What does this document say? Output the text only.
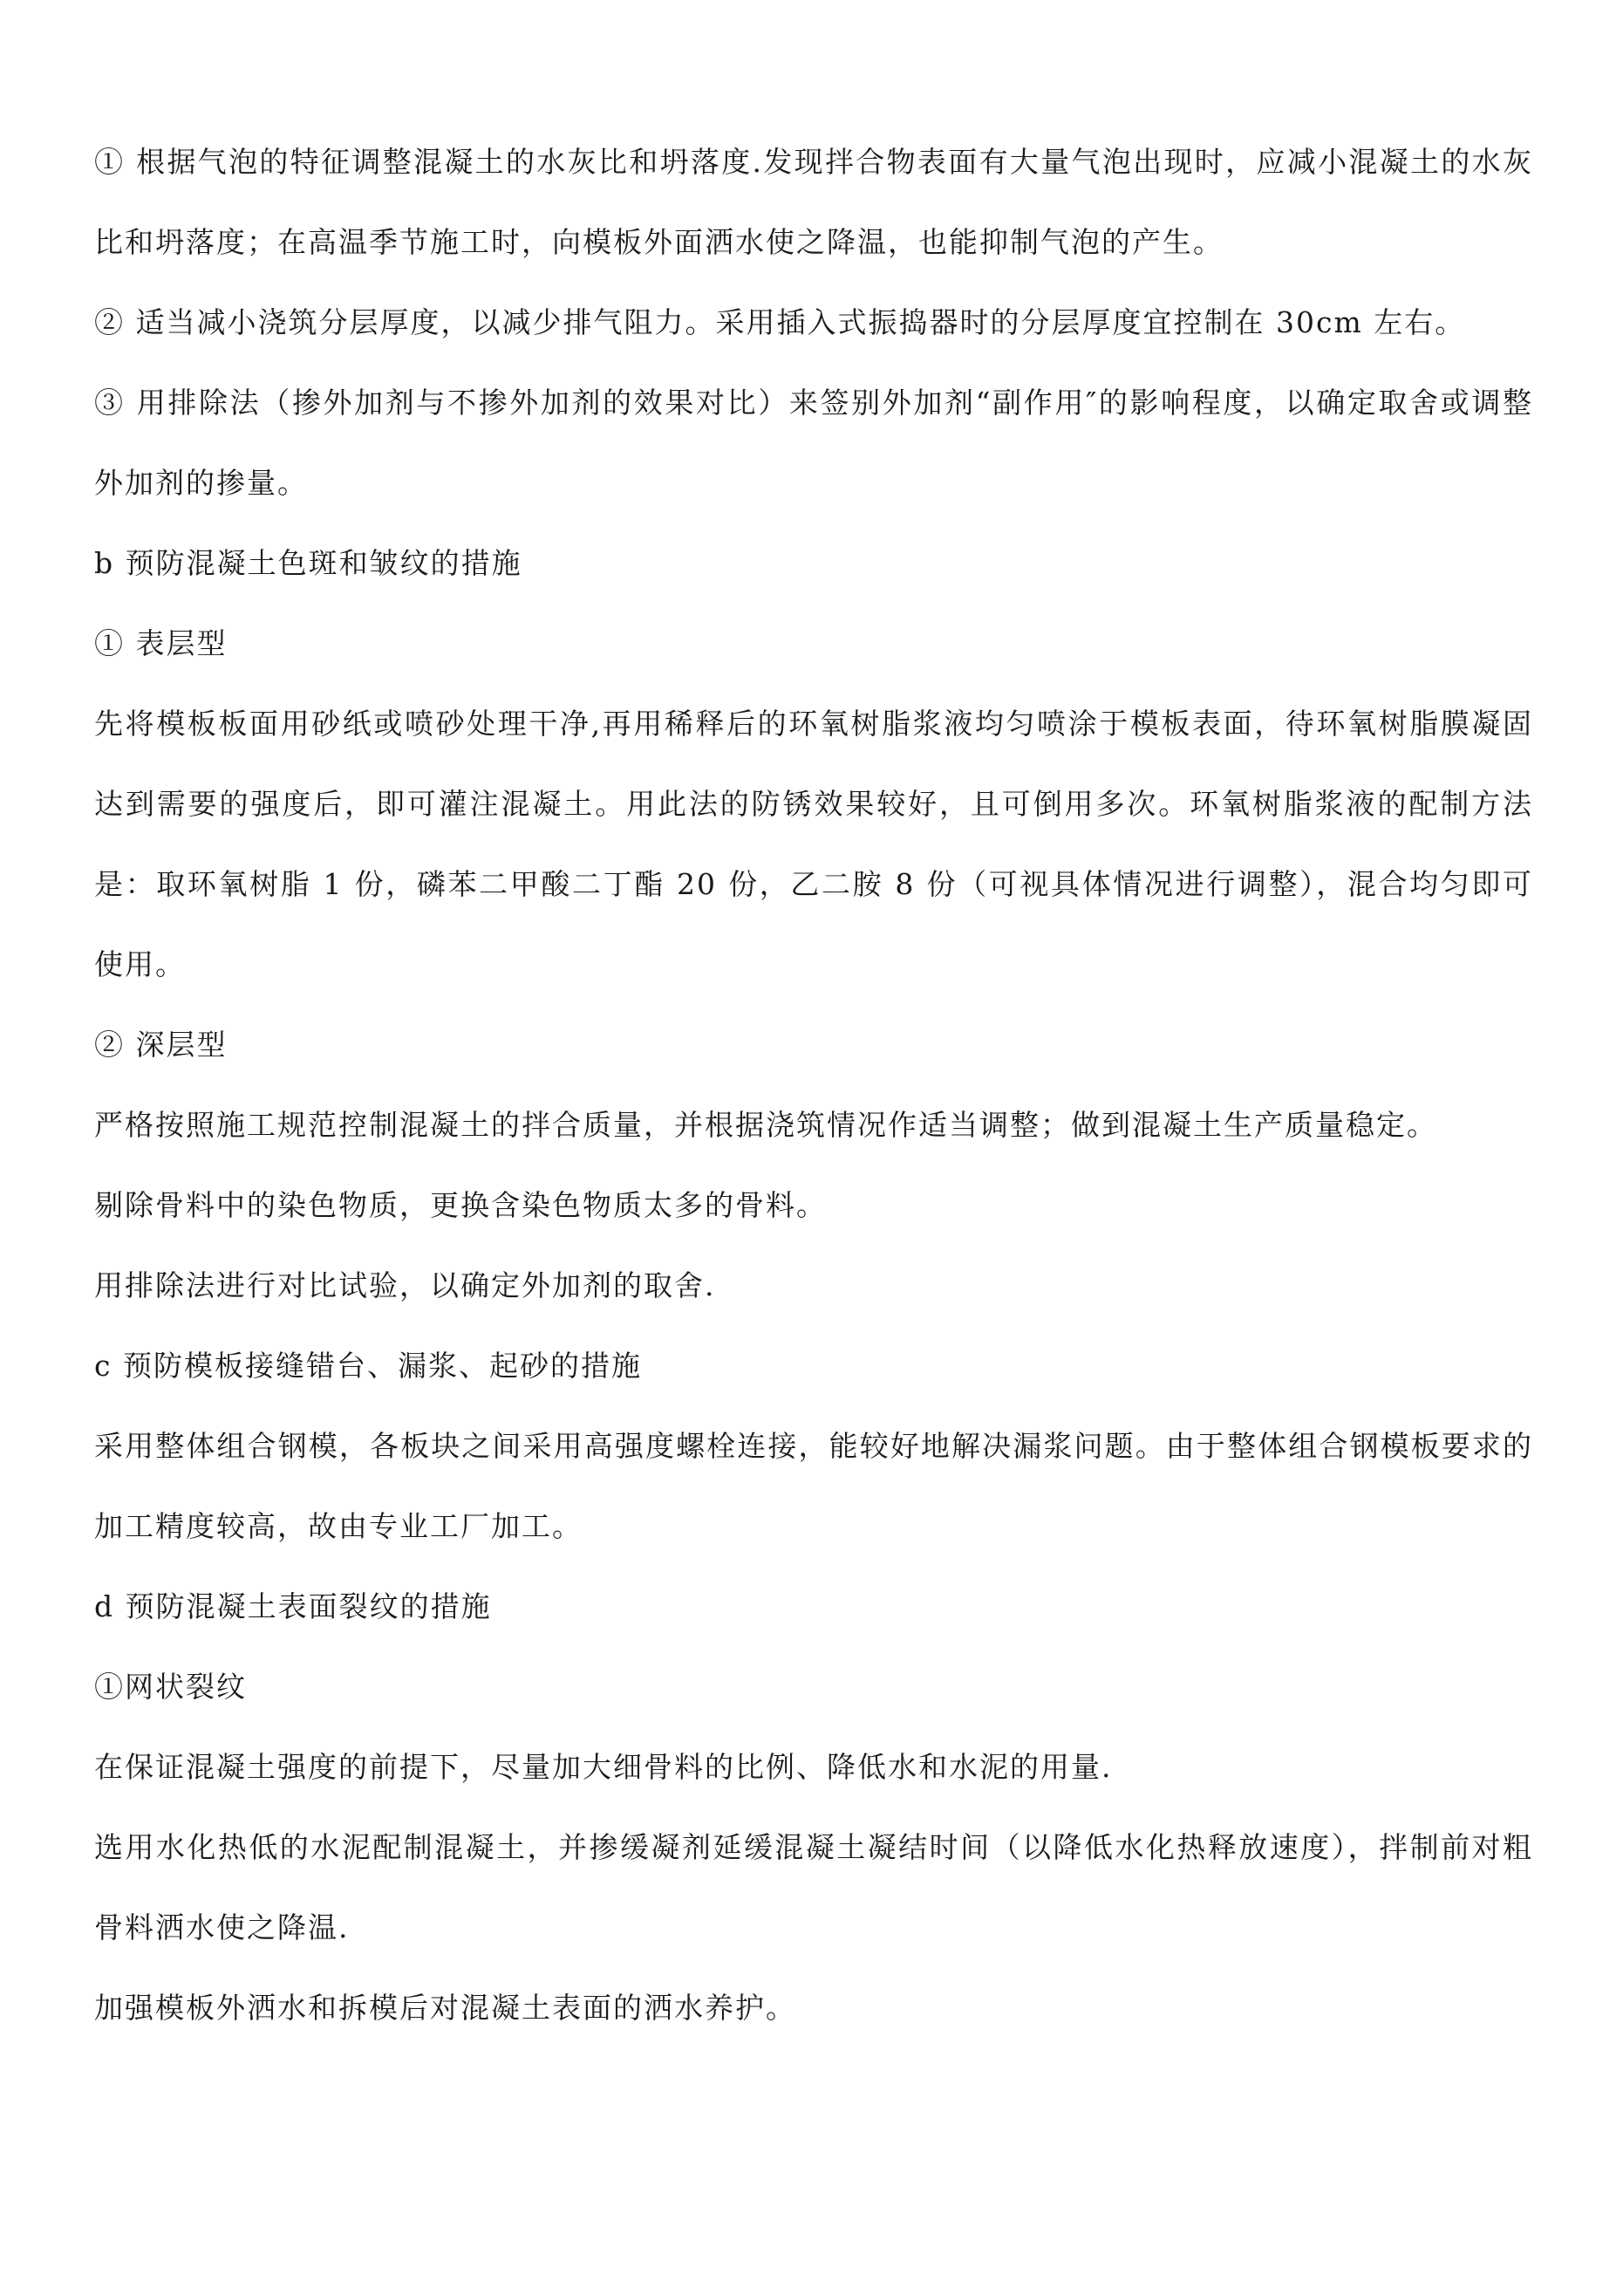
① 根据气泡的特征调整混凝土的水灰比和坍落度.发现拌合物表面有大量气泡出现时，应减小混凝土的水灰比和坍落度；在高温季节施工时，向模板外面洒水使之降温，也能抑制气泡的产生。

② 适当减小浇筑分层厚度，以减少排气阻力。采用插入式振捣器时的分层厚度宜控制在 30cm 左右。

③ 用排除法（掺外加剂与不掺外加剂的效果对比）来签别外加剂“副作用″的影响程度，以确定取舍或调整外加剂的掺量。

b 预防混凝土色斑和皱纹的措施

① 表层型

先将模板板面用砂纸或喷砂处理干净,再用稀释后的环氧树脂浆液均匀喷涂于模板表面，待环氧树脂膜凝固达到需要的强度后，即可灌注混凝土。用此法的防锈效果较好，且可倒用多次。环氧树脂浆液的配制方法是：取环氧树脂 1 份，磷苯二甲酸二丁酯 20 份，乙二胺 8 份（可视具体情况进行调整），混合均匀即可使用。

② 深层型

严格按照施工规范控制混凝土的拌合质量，并根据浇筑情况作适当调整；做到混凝土生产质量稳定。

剔除骨料中的染色物质，更换含染色物质太多的骨料。

用排除法进行对比试验，以确定外加剂的取舍.

c 预防模板接缝错台、漏浆、起砂的措施

采用整体组合钢模，各板块之间采用高强度螺栓连接，能较好地解决漏浆问题。由于整体组合钢模板要求的加工精度较高，故由专业工厂加工。

d 预防混凝土表面裂纹的措施

①网状裂纹

在保证混凝土强度的前提下，尽量加大细骨料的比例、降低水和水泥的用量.

选用水化热低的水泥配制混凝土，并掺缓凝剂延缓混凝土凝结时间（以降低水化热释放速度），拌制前对粗骨料洒水使之降温.

加强模板外洒水和拆模后对混凝土表面的洒水养护。
